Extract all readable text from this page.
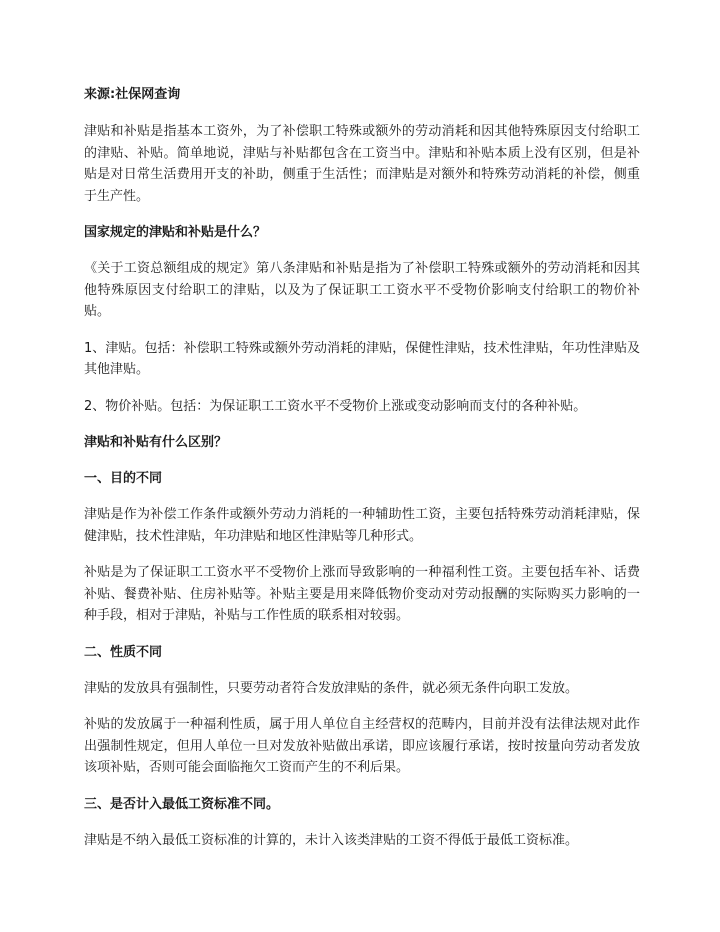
来源:社保网查询

津贴和补贴是指基本工资外，为了补偿职工特殊或额外的劳动消耗和因其他特殊原因支付给职工的津贴、补贴。简单地说，津贴与补贴都包含在工资当中。津贴和补贴本质上没有区别，但是补贴是对日常生活费用开支的补助，侧重于生活性；而津贴是对额外和特殊劳动消耗的补偿，侧重于生产性。

国家规定的津贴和补贴是什么？

《关于工资总额组成的规定》第八条津贴和补贴是指为了补偿职工特殊或额外的劳动消耗和因其他特殊原因支付给职工的津贴，以及为了保证职工工资水平不受物价影响支付给职工的物价补贴。

1、津贴。包括：补偿职工特殊或额外劳动消耗的津贴，保健性津贴，技术性津贴，年功性津贴及其他津贴。

2、物价补贴。包括：为保证职工工资水平不受物价上涨或变动影响而支付的各种补贴。

津贴和补贴有什么区别？

一、目的不同

津贴是作为补偿工作条件或额外劳动力消耗的一种辅助性工资，主要包括特殊劳动消耗津贴，保健津贴，技术性津贴，年功津贴和地区性津贴等几种形式。

补贴是为了保证职工工资水平不受物价上涨而导致影响的一种福利性工资。主要包括车补、话费补贴、餐费补贴、住房补贴等。补贴主要是用来降低物价变动对劳动报酬的实际购买力影响的一种手段，相对于津贴，补贴与工作性质的联系相对较弱。

二、性质不同

津贴的发放具有强制性，只要劳动者符合发放津贴的条件，就必须无条件向职工发放。

补贴的发放属于一种福利性质，属于用人单位自主经营权的范畴内，目前并没有法律法规对此作出强制性规定，但用人单位一旦对发放补贴做出承诺，即应该履行承诺，按时按量向劳动者发放该项补贴，否则可能会面临拖欠工资而产生的不利后果。

三、是否计入最低工资标准不同。

津贴是不纳入最低工资标准的计算的，未计入该类津贴的工资不得低于最低工资标准。
